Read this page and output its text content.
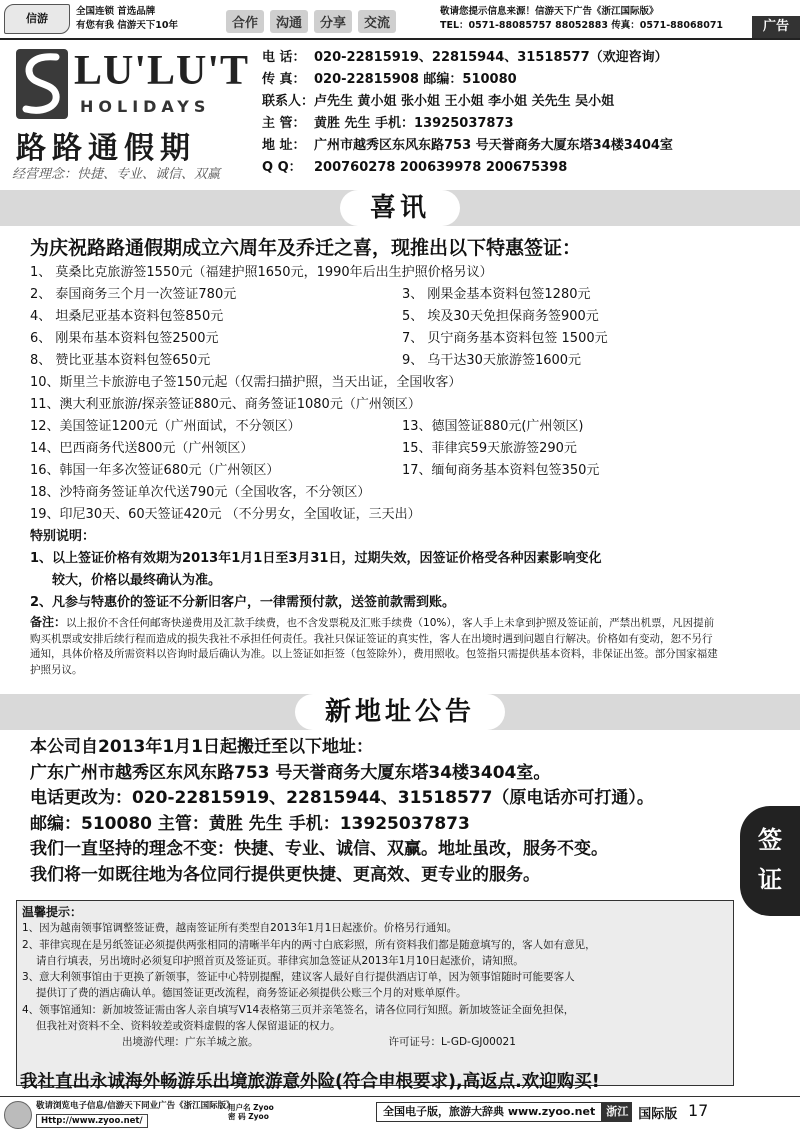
信游
全国连锁 首选品牌
有您有我 信游天下10年	合作	沟通	分享	交流
敬请您提示信息来源！信游天下广告《浙江国际版》
TEL：0571-88085757 88052883 传真：0571-88068071	广告
LU'LU'T
HOLIDAYS
路路通假期
经营理念：快捷、专业、诚信、双赢
电 话： 020-22815919、22815944、31518577（欢迎咨询）
传 真： 020-22815908 邮编：510080
联系人： 卢先生 黄小姐 张小姐 王小姐 李小姐 关先生 吴小姐
主 管： 黄胜 先生 手机：13925037873
地 址： 广州市越秀区东风东路753 号天誉商务大厦东塔34楼3404室
Q Q： 200760278 200639978 200675398
喜讯
为庆祝路路通假期成立六周年及乔迁之喜，现推出以下特惠签证：
1、 莫桑比克旅游签1550元（福建护照1650元，1990年后出生护照价格另议）
2、 泰国商务三个月一次签证780元	3、 刚果金基本资料包签1280元
4、 坦桑尼亚基本资料包签850元	5、 埃及30天免担保商务签900元
6、 刚果布基本资料包签2500元	7、 贝宁商务基本资料包签 1500元
8、 赞比亚基本资料包签650元	9、 乌干达30天旅游签1600元
10、斯里兰卡旅游电子签150元起（仅需扫描护照，当天出证，全国收客）
11、澳大利亚旅游/探亲签证880元、商务签证1080元（广州领区）
12、美国签证1200元（广州面试，不分领区）	13、德国签证880元(广州领区)
14、巴西商务代送800元（广州领区）	15、菲律宾59天旅游签290元
16、韩国一年多次签证680元（广州领区）	17、缅甸商务基本资料包签350元
18、沙特商务签证单次代送790元（全国收客，不分领区）
19、印尼30天、60天签证420元 （不分男女，全国收证，三天出）
特别说明：
1、以上签证价格有效期为2013年1月1日至3月31日，过期失效，因签证价格受各种因素影响变化
较大，价格以最终确认为准。
2、凡参与特惠价的签证不分新旧客户，一律需预付款，送签前款需到账。
备注：以上报价不含任何邮寄快递费用及汇款手续费，也不含发票税及汇账手续费（10%），客人手上未拿到护照及签证前，严禁出机票，凡因提前购买机票或安排后续行程而造成的损失我社不承担任何责任。我社只保证签证的真实性，客人在出境时遇到问题自行解决。价格如有变动，恕不另行通知，具体价格及所需资料以咨询时最后确认为准。以上签证如拒签（包签除外），费用照收。包签指只需提供基本资料，非保证出签。部分国家福建护照另议。
新地址公告
本公司自2013年1月1日起搬迁至以下地址：
广东广州市越秀区东风东路753 号天誉商务大厦东塔34楼3404室。
电话更改为：020-22815919、22815944、31518577（原电话亦可打通）。
邮编：510080 主管：黄胜 先生 手机：13925037873
我们一直坚持的理念不变：快捷、专业、诚信、双赢。地址虽改，服务不变。
我们将一如既往地为各位同行提供更快捷、更高效、更专业的服务。
签
证
温馨提示：
1、因为越南领事馆调整签证费，越南签证所有类型自2013年1月1日起涨价。价格另行通知。
2、菲律宾现在是另纸签证必须提供两张相同的清晰半年内的两寸白底彩照，所有资料我们都是随意填写的，客人如有意见，
请自行填表，另出境时必须复印护照首页及签证页。菲律宾加急签证从2013年1月10日起涨价，请知照。
3、意大利领事馆由于更换了新领事，签证中心特别提醒，建议客人最好自行提供酒店订单，因为领事馆随时可能要客人
提供订了费的酒店确认单。德国签证更改流程，商务签证必须提供公账三个月的对账单原件。
4、领事馆通知：新加坡签证需由客人亲自填写V14表格第三页并亲笔签名，请各位同行知照。新加坡签证全面免担保，
但我社对资料不全、资料较差或资料虚假的客人保留退证的权力。
出境游代理：广东羊城之旅。	许可证号：L-GD-GJ00021
我社直出永诚海外畅游乐出境旅游意外险(符合申根要求),高返点.欢迎购买!
敬请浏览电子信息/信游天下同业广告《浙江国际版》
Http://www.zyoo.net/
用户名 Zyoo
密 码 Zyoo	全国电子版，旅游大辞典 www.zyoo.net	浙江 国际版 17
